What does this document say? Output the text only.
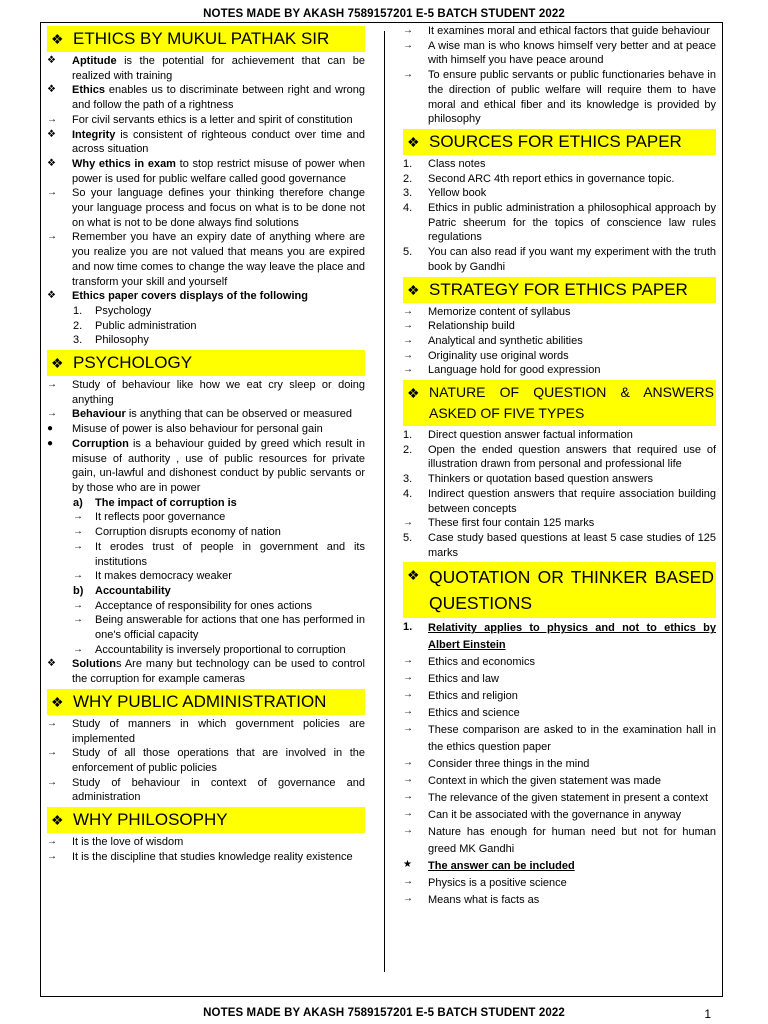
NOTES MADE BY AKASH 7589157201 E-5 BATCH STUDENT 2022
❖ ETHICS BY MUKUL PATHAK SIR
❖	Aptitude is the potential for achievement that can be realized with training
❖	Ethics enables us to discriminate between right and wrong and follow the path of a rightness
→	For civil servants ethics is a letter and spirit of constitution
❖	Integrity is consistent of righteous conduct over time and across situation
❖	Why ethics in exam to stop restrict misuse of power when power is used for public welfare called good governance
→	So your language defines your thinking therefore change your language process and focus on what is to be done not on what is not to be done always find solutions
→	Remember you have an expiry date of anything where are you realize you are not valued that means you are expired and now time comes to change the way leave the place and transform your skill and yourself
❖	Ethics paper covers displays of the following
1.	Psychology
2.	Public administration
3.	Philosophy
❖ PSYCHOLOGY
→	Study of behaviour like how we eat cry sleep or doing anything
→	Behaviour is anything that can be observed or measured
●	Misuse of power is also behaviour for personal gain
●	Corruption is a behaviour guided by greed which result in misuse of authority , use of public resources for private gain, un-lawful and dishonest conduct by public servants or by those who are in power
a)	The impact of corruption is
→	It reflects poor governance
→	Corruption disrupts economy of nation
→	It erodes trust of people in government and its institutions
→	It makes democracy weaker
b)	Accountability
→	Acceptance of responsibility for ones actions
→	Being answerable for actions that one has performed in one's official capacity
→	Accountability is inversely proportional to corruption
❖	Solutions Are many but technology can be used to control the corruption for example cameras
❖ WHY PUBLIC ADMINISTRATION
→	Study of manners in which government policies are implemented
→	Study of all those operations that are involved in the enforcement of public policies
→	Study of behaviour in context of governance and administration
❖ WHY PHILOSOPHY
→	It is the love of wisdom
→	It is the discipline that studies knowledge reality existence
→	It examines moral and ethical factors that guide behaviour
→	A wise man is who knows himself very better and at peace with himself you have peace around
→	To ensure public servants or public functionaries behave in the direction of public welfare will require them to have moral and ethical fiber and its knowledge is provided by philosophy
❖ SOURCES FOR ETHICS PAPER
1.	Class notes
2.	Second ARC 4th report ethics in governance topic.
3.	Yellow book
4.	Ethics in public administration a philosophical approach by Patric sheerum for the topics of conscience law rules regulations
5.	You can also read if you want my experiment with the truth book by Gandhi
❖ STRATEGY FOR ETHICS PAPER
→	Memorize content of syllabus
→	Relationship build
→	Analytical and synthetic abilities
→	Originality use original words
→	Language hold for good expression
❖ NATURE OF QUESTION & ANSWERS ASKED OF FIVE TYPES
1.	Direct question answer factual information
2.	Open the ended question answers that required use of illustration drawn from personal and professional life
3.	Thinkers or quotation based question answers
4.	Indirect question answers that require association building between concepts
→	These first four contain 125 marks
5.	Case study based questions at least 5 case studies of 125 marks
❖ QUOTATION OR THINKER BASED QUESTIONS
1.	Relativity applies to physics and not to ethics by Albert Einstein
→	Ethics and economics
→	Ethics and law
→	Ethics and religion
→	Ethics and science
→	These comparison are asked to in the examination hall in the ethics question paper
→	Consider three things in the mind
→	Context in which the given statement was made
→	The relevance of the given statement in present a context
→	Can it be associated with the governance in anyway
→	Nature has enough for human need but not for human greed MK Gandhi
★	The answer can be included
→	Physics is a positive science
→	Means what is facts as
NOTES MADE BY AKASH 7589157201 E-5 BATCH STUDENT 2022	1
